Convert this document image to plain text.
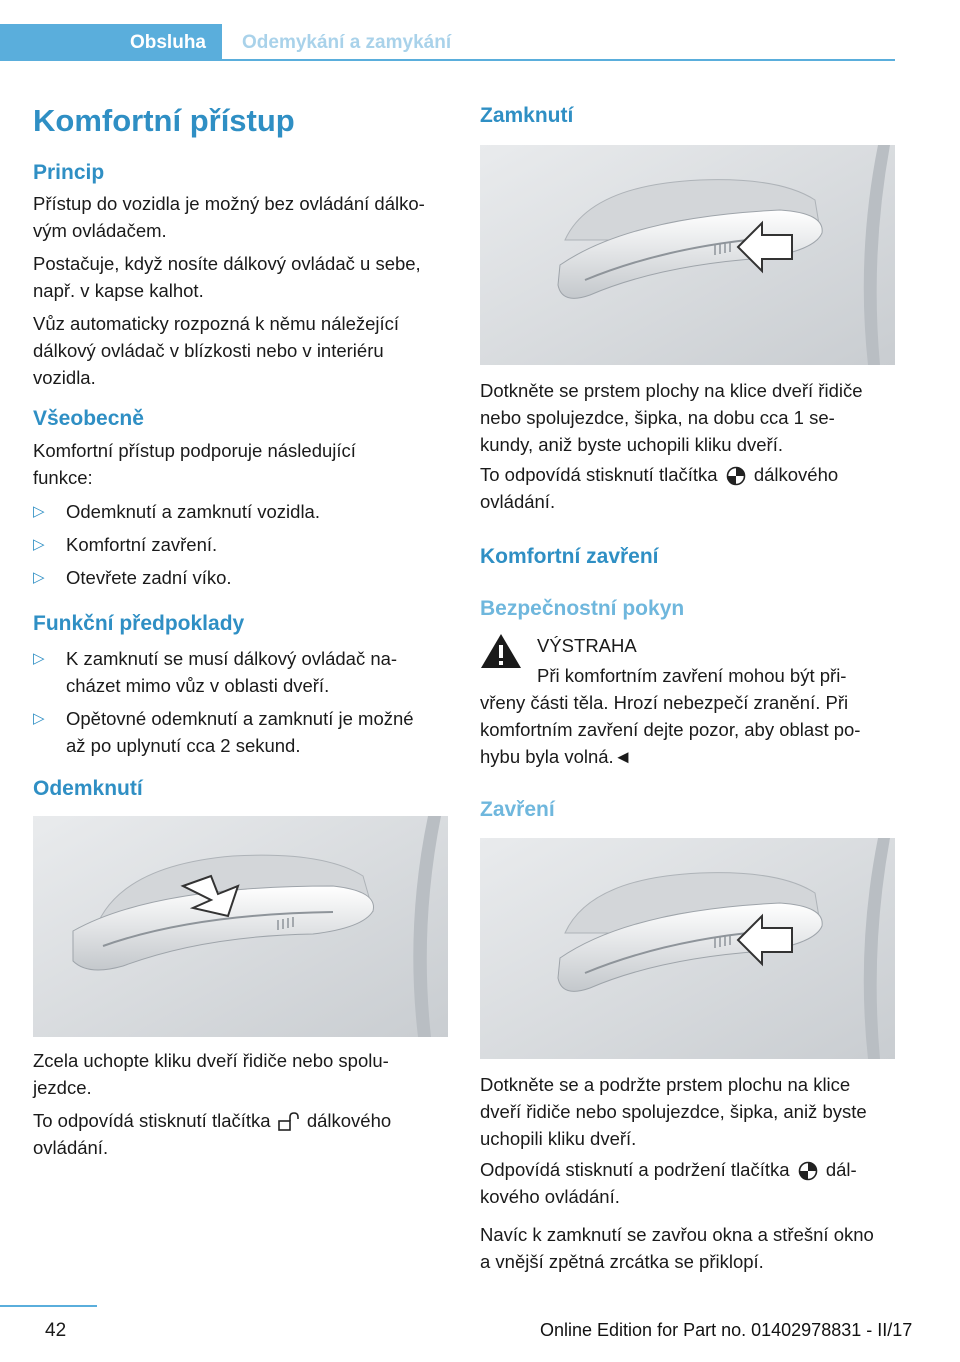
Obsluha	Odemykání a zamykání
Komfortní přístup
Princip

Přístup do vozidla je možný bez ovládání dálko-

vým ovládačem.

Postačuje, když nosíte dálkový ovládač u sebe,

např. v kapse kalhot.

Vůz automaticky rozpozná k němu náležející

dálkový ovládač v blízkosti nebo v interiéru

vozidla.

Všeobecně

Komfortní přístup podporuje následující

funkce:

▷ Odemknutí a zamknutí vozidla.
▷ Komfortní zavření.
▷ Otevřete zadní víko.
Funkční předpoklady
▷ K zamknutí se musí dálkový ovládač na-
cházet mimo vůz v oblasti dveří.
▷ Opětovné odemknutí a zamknutí je možné
až po uplynutí cca 2 sekund.
Odemknutí

Zcela uchopte kliku dveří řidiče nebo spolu-

jezdce.

To odpovídá stisknutí tlačítka dálkového

ovládání.

Zamknutí

Dotkněte se prstem plochy na klice dveří řidiče

nebo spolujezdce, šipka, na dobu cca 1 se-

kundy, aniž byste uchopili kliku dveří.

To odpovídá stisknutí tlačítka dálkového

ovládání.

Komfortní zavření
Bezpečnostní pokyn

VÝSTRAHA

Při komfortním zavření mohou být při-

vřeny části těla. Hrozí nebezpečí zranění. Při

komfortním zavření dejte pozor, aby oblast po-

hybu byla volná.◄

Zavření

Dotkněte se a podržte prstem plochu na klice

dveří řidiče nebo spolujezdce, šipka, aniž byste

uchopili kliku dveří.

Odpovídá stisknutí a podržení tlačítka dál-

kového ovládání.

Navíc k zamknutí se zavřou okna a střešní okno

a vnější zpětná zrcátka se přiklopí.

42	Online Edition for Part no. 01402978831 - II/17
